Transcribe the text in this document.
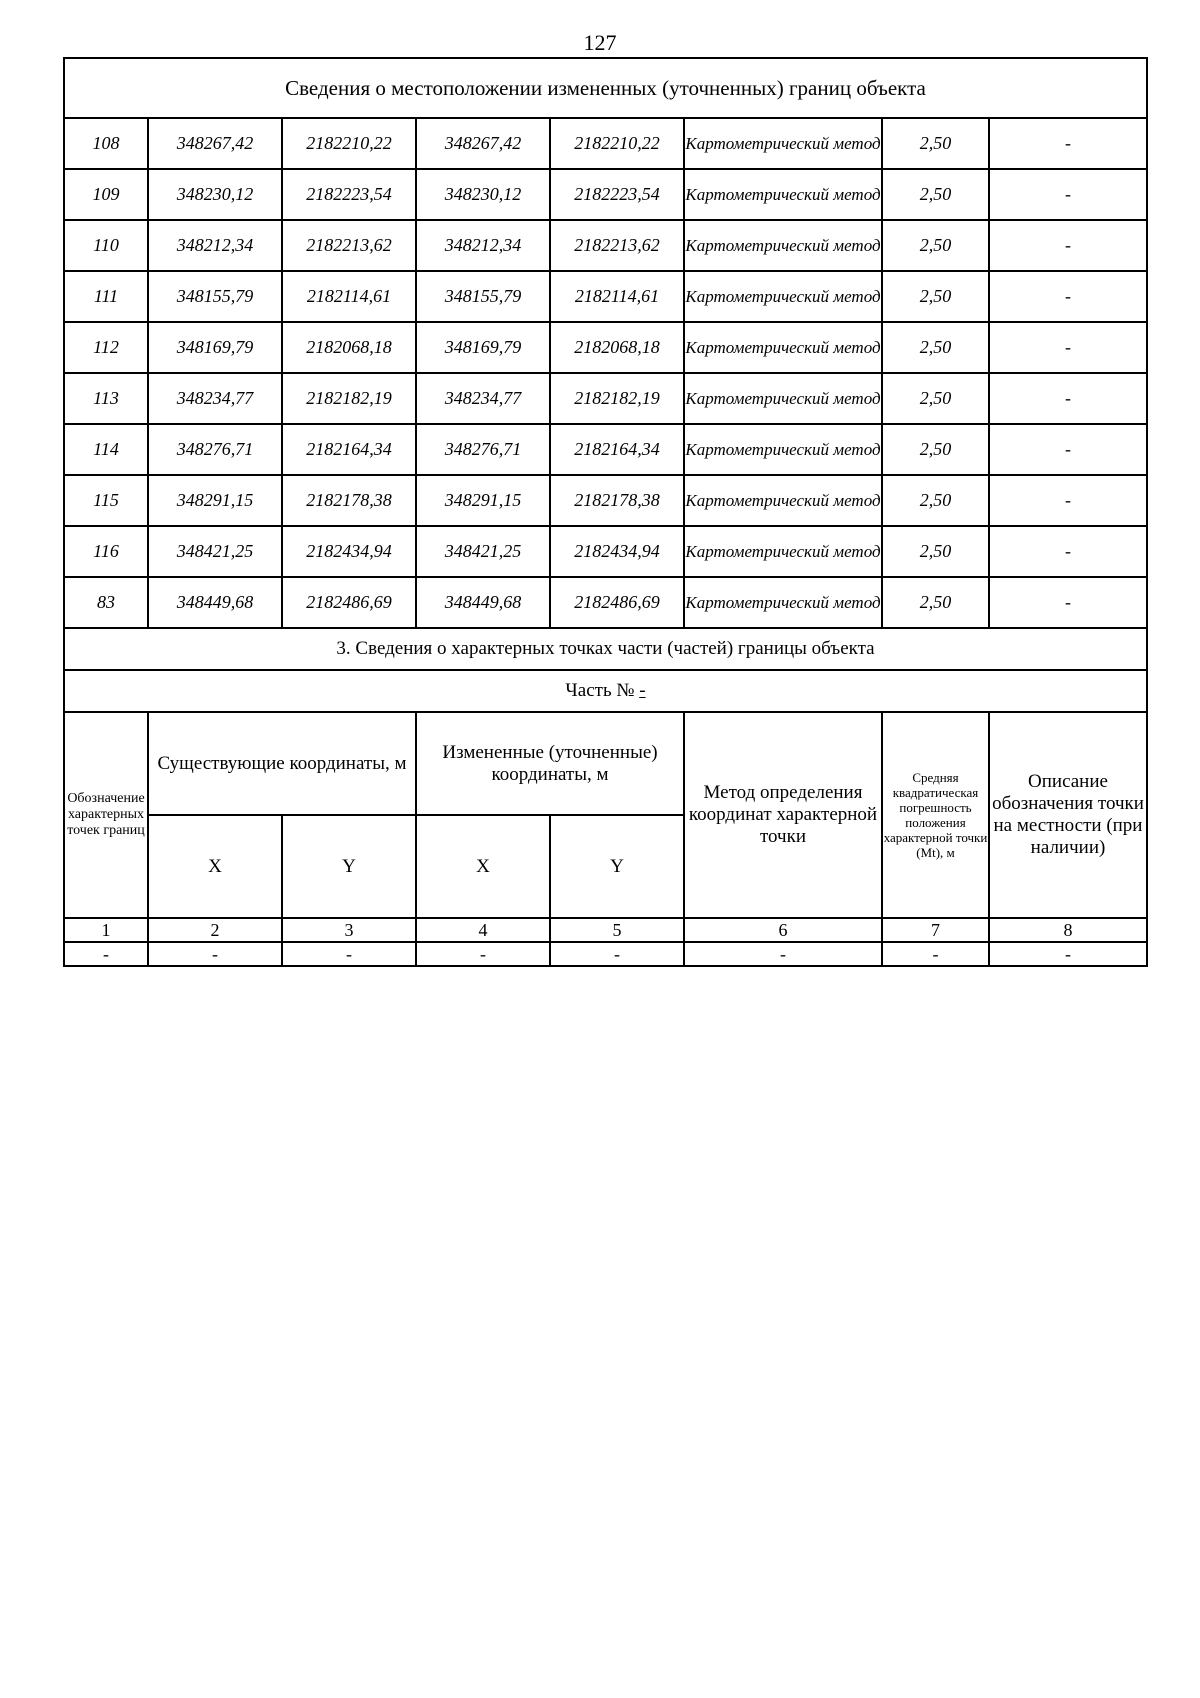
127
Сведения о местоположении измененных (уточненных) границ объекта							
108	348267,42	2182210,22	348267,42	2182210,22	Картометрический метод	2,50	-
109	348230,12	2182223,54	348230,12	2182223,54	Картометрический метод	2,50	-
110	348212,34	2182213,62	348212,34	2182213,62	Картометрический метод	2,50	-
111	348155,79	2182114,61	348155,79	2182114,61	Картометрический метод	2,50	-
112	348169,79	2182068,18	348169,79	2182068,18	Картометрический метод	2,50	-
113	348234,77	2182182,19	348234,77	2182182,19	Картометрический метод	2,50	-
114	348276,71	2182164,34	348276,71	2182164,34	Картометрический метод	2,50	-
115	348291,15	2182178,38	348291,15	2182178,38	Картометрический метод	2,50	-
116	348421,25	2182434,94	348421,25	2182434,94	Картометрический метод	2,50	-
83	348449,68	2182486,69	348449,68	2182486,69	Картометрический метод	2,50	-
3. Сведения о характерных точках части (частей) границы объекта							
Часть № -							
Обозначение характерных точек границ	Существующие координаты, м		Измененные (уточненные) координаты, м		Метод определения координат характерной точки	Средняя квадратическая погрешность положения характерной точки (Mt), м	Описание обозначения точки на местности (при наличии)
	X	Y	X	Y			
1	2	3	4	5	6	7	8
-	-	-	-	-	-	-	-
